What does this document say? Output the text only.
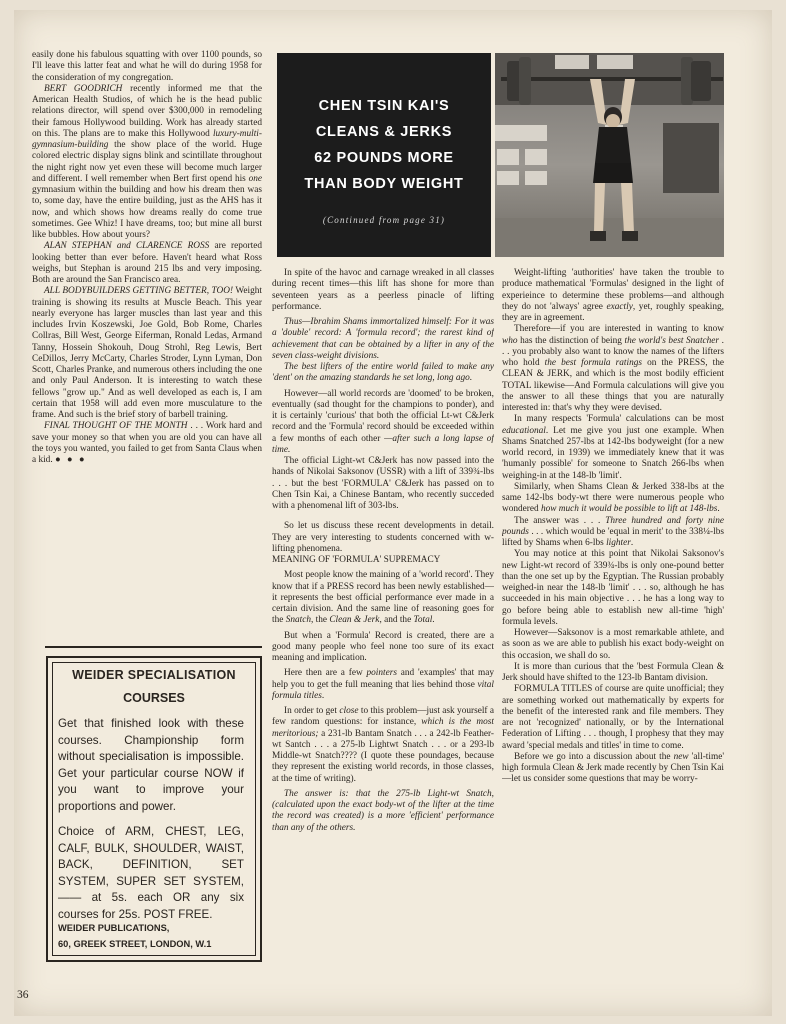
easily done his fabulous squatting with over 1100 pounds, so I'll leave this latter feat and what he will do during 1958 for the consideration of my congregation.

BERT GOODRICH recently informed me that the American Health Studios, of which he is the head public relations director, will spend over $300,000 in remodeling their famous Hollywood building. Work has already started on this. The plans are to make this Hollywood luxury-multi-gymnasium-building the show place of the world. Huge colored electric display signs blink and scintillate throughout the night right now yet even these will become much larger and different. I well remember when Bert first opend his one gymnasium within the building and how his dream then was to, some day, have the entire building, just as the AHS has it now, and which shows how dreams really do come true sometimes. Gee Whiz! I have dreams, too; but mine all burst like bubbles. How about yours?

ALAN STEPHAN and CLARENCE ROSS are reported looking better than ever before. Haven't heard what Ross weighs, but Stephan is around 215 lbs and very imposing. Both are around the San Francisco area.

ALL BODYBUILDERS GETTING BETTER, TOO! Weight training is showing its results at Muscle Beach. This year nearly everyone has larger muscles than last year and this includes Irvin Koszewski, Joe Gold, Bob Rome, Charles Collras, Bill West, George Eiferman, Ronald Ledas, Armand Tanny, Hossein Shokouh, Doug Strohl, Reg Lewis, Bert CeDillos, Jerry McCarty, Charles Stroder, Lynn Lyman, Don Scott, Charles Pranke, and numerous others including the one and only Paul Anderson. It is interesting to watch these fellows "grow up." And as well developed as each is, I am certain that 1958 will add even more musculature to the frame. And such is the brief story of barbell training.

FINAL THOUGHT OF THE MONTH . . . Work hard and save your money so that when you are old you can have all the toys you wanted, you failed to get from Santa Claus when a kid. ● ● ●

CHEN TSIN KAI'S
CLEANS & JERKS
62 POUNDS MORE
THAN BODY WEIGHT
(Continued from page 31)

In spite of the havoc and carnage wreaked in all classes during recent times—this lift has shone for more than seventeen years as a peerless pinacle of lifting performance.

Thus—Ibrahim Shams immortalized himself: For it was a 'double' record: A 'formula record'; the rarest kind of achievement that can be obtained by a lifter in any of the seven class-weight divisions.

The best lifters of the entire world failed to make any 'dent' on the amazing standards he set long, long ago.

However—all world records are 'doomed' to be broken, eventually (sad thought for the champions to ponder), and it is certainly 'curious' that both the official Lt-wt C&Jerk record and the 'Formula' record should be exceeded within a few months of each other —after such a long lapse of time.

The official Light-wt C&Jerk has now passed into the hands of Nikolai Saksonov (USSR) with a lift of 339¾-lbs . . . but the best 'FORMULA' C&Jerk has passed on to Chen Tsin Kai, a Chinese Bantam, who recently succeded with a phenomenal lift of 303-lbs.

So let us discuss these recent developments in detail. They are very interesting to students concerned with w-lifting phenomena.

MEANING OF 'FORMULA' SUPREMACY

Most people know the maining of a 'world record'. They know that if a PRESS record has been newly established—it represents the best official performance ever made in a certain division. And the same line of reasoning goes for the Snatch, the Clean & Jerk, and the Total.

But when a 'Formula' Record is created, there are a good many people who feel none too sure of its exact meaning and implication.

Here then are a few pointers and 'examples' that may help you to get the full meaning that lies behind those vital formula titles.

In order to get close to this problem—just ask yourself a few random questions: for instance, which is the most meritorious; a 231-lb Bantam Snatch . . . a 242-lb Feather-wt Santch . . . a 275-lb Lightwt Snatch . . . or a 293-lb Middle-wt Snatch???? (I quote these poundages, because they represent the existing world records, in those classes, at the time of writing).

The answer is: that the 275-lb Light-wt Snatch, (calculated upon the exact body-wt of the lifter at the time the record was created) is a more 'efficient' performance than any of the others.

Weight-lifting 'authorities' have taken the trouble to produce mathematical 'Formulas' designed in the light of experieince to determine these problems—and although they do not 'always' agree exactly, yet, roughly speaking, they are in agreement.

Therefore—if you are interested in wanting to know who has the distinction of being the world's best Snatcher . . . you probably also want to know the names of the lifters who hold the best formula ratings on the PRESS, the CLEAN & JERK, and which is the most bodily efficient TOTAL likewise—And Formula calculations will give you the answer to all these things that you are naturally interested in: that's why they were devised.

In many respects 'Formula' calculations can be most educational. Let me give you just one example. When Shams Snatched 257-lbs at 142-lbs bodyweight (for a new world record, in 1939) we immediately knew that it was 'humanly possible' for someone to Snatch 266-lbs when weighing-in at the 148-lb 'limit'.

Similarly, when Shams Clean & Jerked 338-lbs at the same 142-lbs body-wt there were numerous people who wondered how much it would be possible to lift at 148-lbs.

The answer was . . . Three hundred and forty nine pounds . . . which would be 'equal in merit' to the 338¼-lbs lifted by Shams when 6-lbs lighter.

You may notice at this point that Nikolai Saksonov's new Light-wt record of 339¾-lbs is only one-pound better than the one set up by the Egyptian. The Russian probably weighed-in near the 148-lb 'limit' . . . so, although he has succeeded in his main objective . . . he has a long way to go before being able to establish new all-time 'high' formula levels.

However—Saksonov is a most remarkable athlete, and as soon as we are able to publish his exact body-weight on this occasion, we shall do so.

It is more than curious that the 'best Formula Clean & Jerk should have shifted to the 123-lb Bantam division.

FORMULA TITLES of course are quite unofficial; they are something worked out mathematically by experts for the benefit of the interested rank and file members. They are not 'recognized' nationally, or by the International Federation of Lifting . . . though, I prophesy that they may award 'special medals and titles' in time to come.

Before we go into a discussion about the new 'all-time' high formula Clean & Jerk made recently by Chen Tsin Kai—let us consider some questions that may be worry-

WEIDER SPECIALISATION
COURSES

Get that finished look with these courses. Championship form without specialisation is impossible. Get your particular course NOW if you want to improve your proportions and power.

Choice of ARM, CHEST, LEG, CALF, BULK, SHOULDER, WAIST, BACK, DEFINITION, SET SYSTEM, SUPER SET SYSTEM, —— at 5s. each OR any six courses for 25s. POST FREE.

WEIDER PUBLICATIONS,
60, GREEK STREET, LONDON, W.1
36
